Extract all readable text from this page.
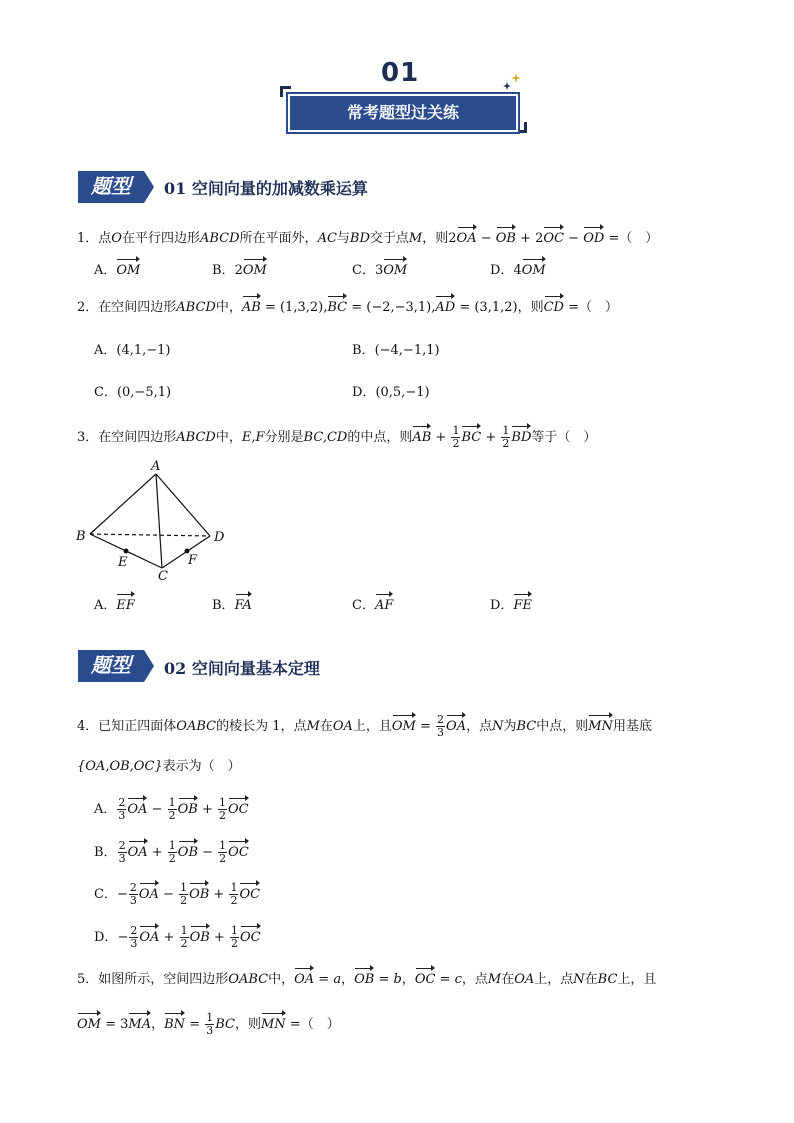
01
常考题型过关练
题型	01 空间向量的加减数乘运算
1．点O在平行四边形ABCD所在平面外，AC与BD交于点M，则2OA − OB + 2OC − OD =（　）
A．OM	B．2OM	C．3OM	D．4OM
2．在空间四边形ABCD中，AB = (1,3,2),BC = (−2,−3,1),AD = (3,1,2)，则CD =（　）
A．(4,1,−1)	B．(−4,−1,1)
C．(0,−5,1)	D．(0,5,−1)
3．在空间四边形ABCD中，E,F分别是BC,CD的中点，则AB + $\frac{1}{2}$ BC + $\frac{1}{2}$ BD等于（　）
A
B
C
D
E	F
A．EF	B．FA	C．AF	D．FE
题型	02 空间向量基本定理
4．已知正四面体OABC的棱长为 1，点M在OA上，且OM = $\frac{2}{3}$ OA，点N为BC中点，则MN用基底
{OA,OB,OC}表示为（　）
A． $\frac{2}{3}$ OA − $\frac{1}{2}$ OB + $\frac{1}{2}$ OC
B． $\frac{2}{3}$ OA + $\frac{1}{2}$ OB − $\frac{1}{2}$ OC
C．− $\frac{2}{3}$ OA − $\frac{1}{2}$ OB + $\frac{1}{2}$ OC
D．− $\frac{2}{3}$ OA + $\frac{1}{2}$ OB + $\frac{1}{2}$ OC
5．如图所示，空间四边形OABC中，OA = a，OB = b，OC = c，点M在OA上，点N在BC上，且
OM = 3MA，BN = $\frac{1}{3}$ BC，则MN =（　）
